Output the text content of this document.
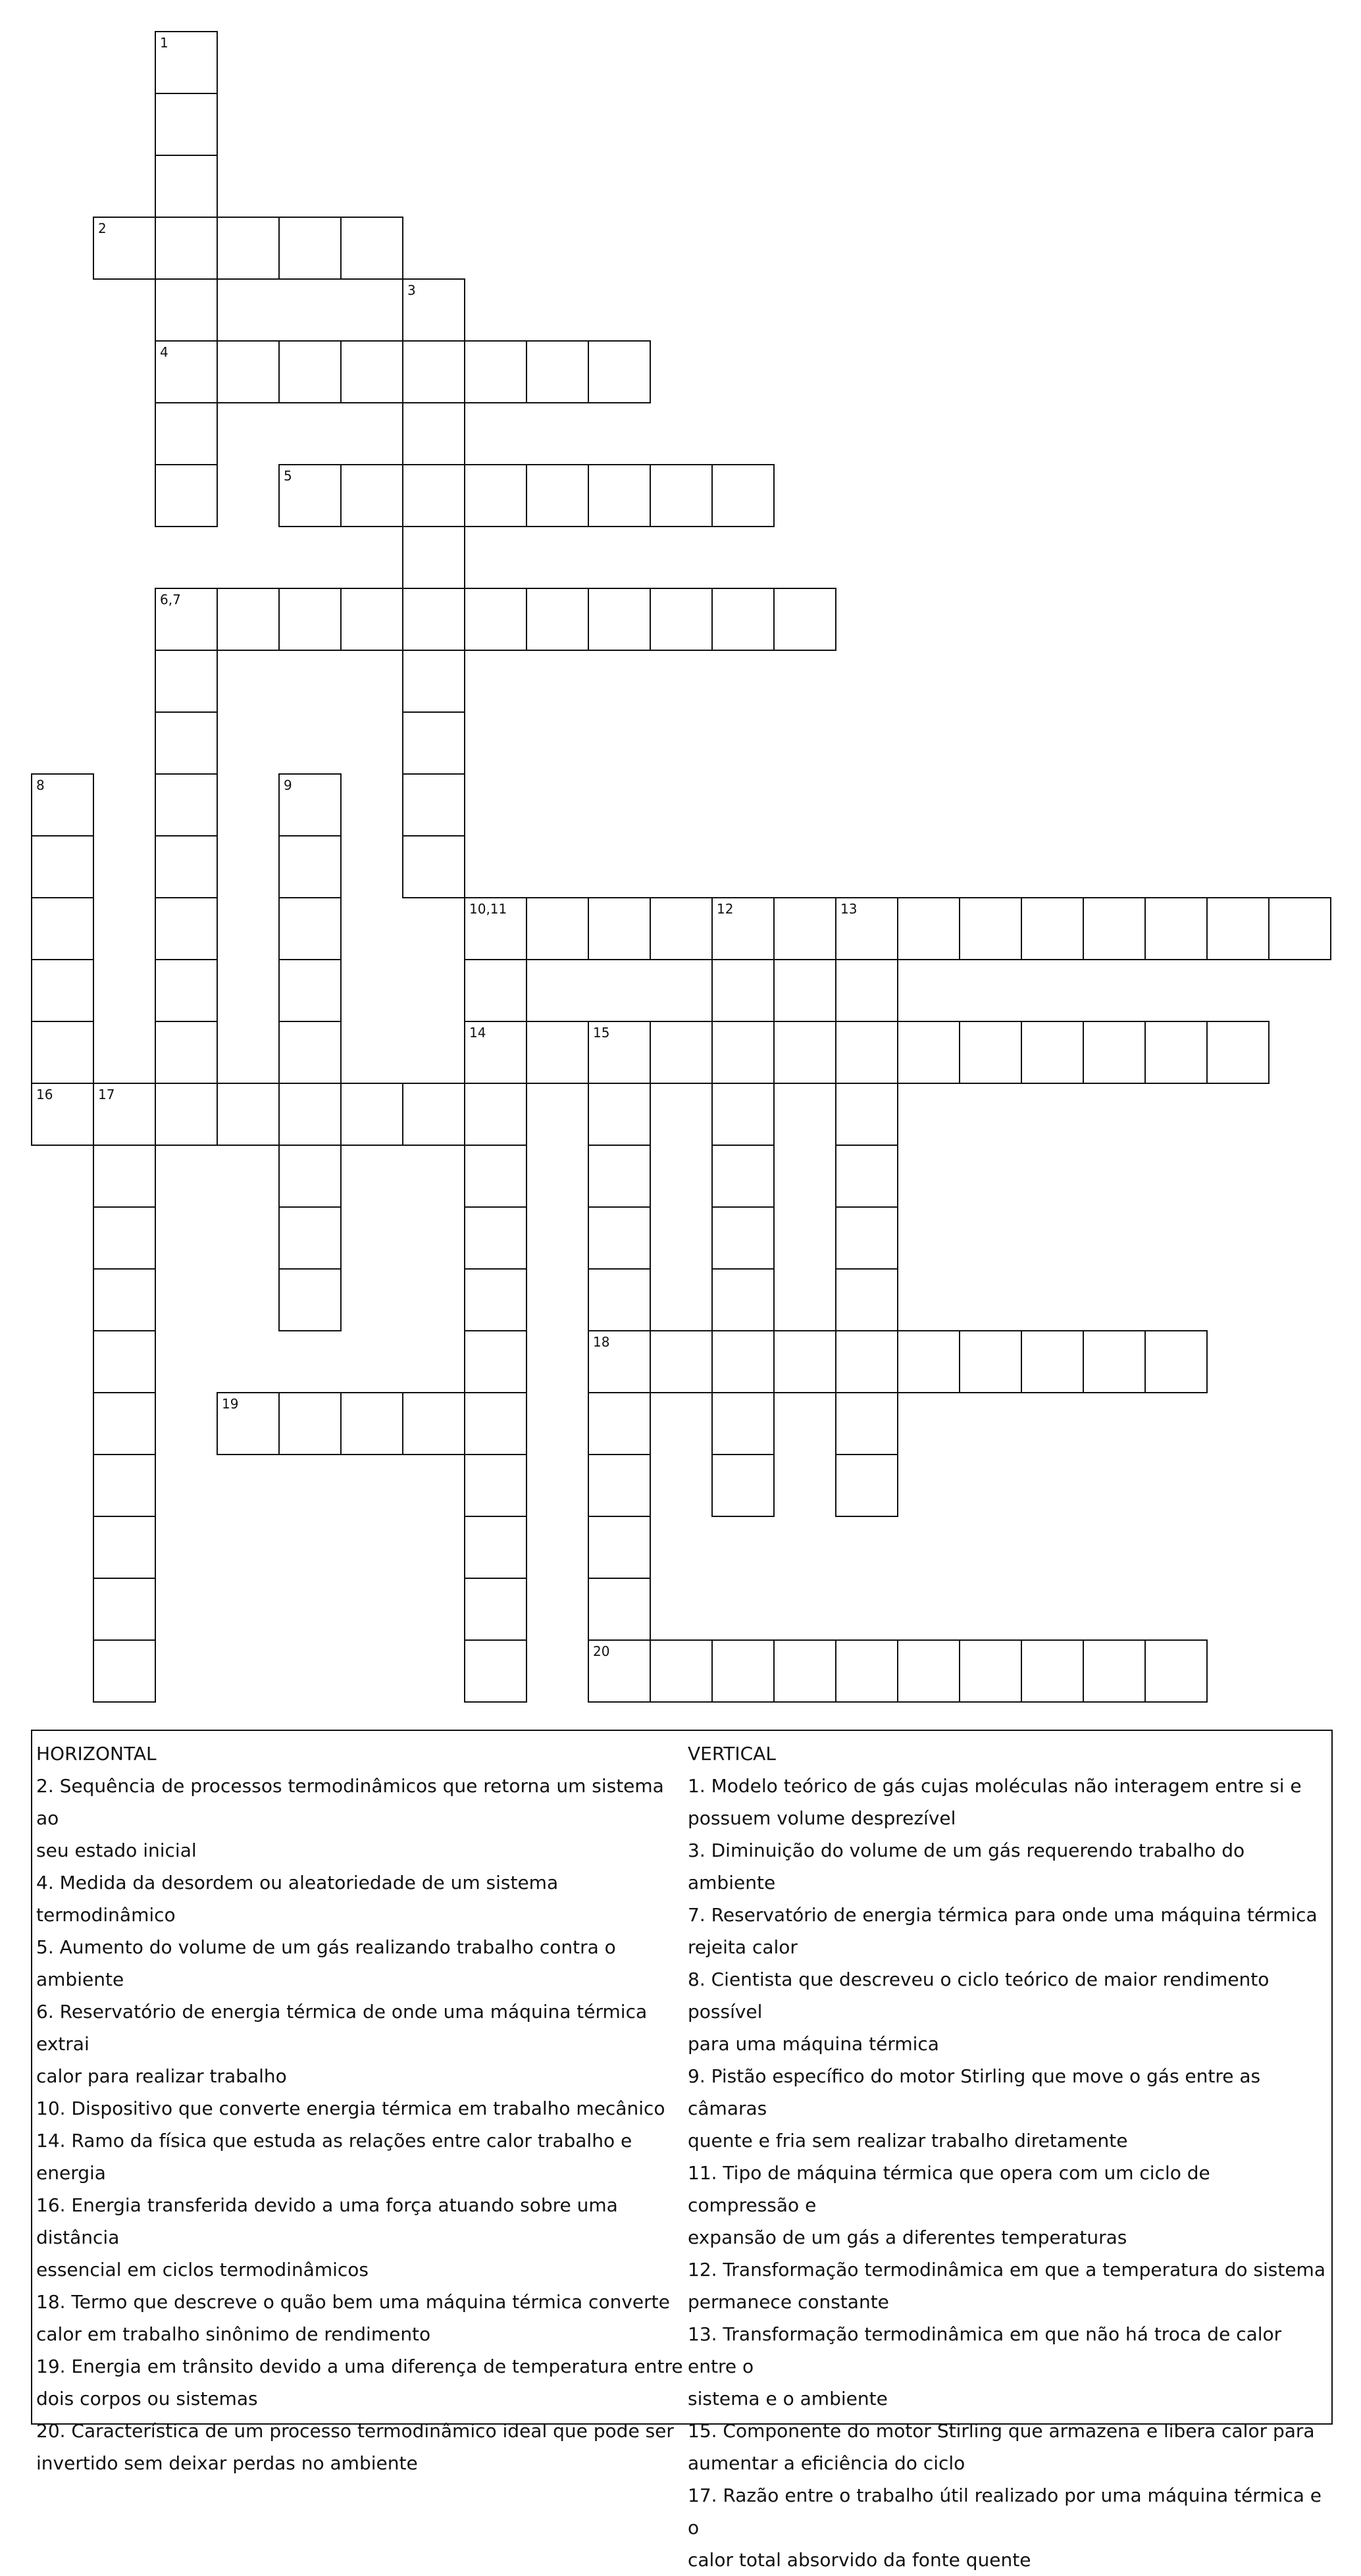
1
2
3
4
5
6,7
8	9
10,11	12	13
14	15
16	17
18
19
20
HORIZONTAL

2. Sequência de processos termodinâmicos que retorna um sistema ao

seu estado inicial

4. Medida da desordem ou aleatoriedade de um sistema termodinâmico

5. Aumento do volume de um gás realizando trabalho contra o ambiente

6. Reservatório de energia térmica de onde uma máquina térmica extrai

calor para realizar trabalho

10. Dispositivo que converte energia térmica em trabalho mecânico

14. Ramo da física que estuda as relações entre calor trabalho e energia

16. Energia transferida devido a uma força atuando sobre uma distância

essencial em ciclos termodinâmicos

18. Termo que descreve o quão bem uma máquina térmica converte

calor em trabalho sinônimo de rendimento

19. Energia em trânsito devido a uma diferença de temperatura entre

dois corpos ou sistemas

20. Característica de um processo termodinâmico ideal que pode ser

invertido sem deixar perdas no ambiente

VERTICAL

1. Modelo teórico de gás cujas moléculas não interagem entre si e

possuem volume desprezível

3. Diminuição do volume de um gás requerendo trabalho do ambiente

7. Reservatório de energia térmica para onde uma máquina térmica

rejeita calor

8. Cientista que descreveu o ciclo teórico de maior rendimento possível

para uma máquina térmica

9. Pistão específico do motor Stirling que move o gás entre as câmaras

quente e fria sem realizar trabalho diretamente

11. Tipo de máquina térmica que opera com um ciclo de compressão e

expansão de um gás a diferentes temperaturas

12. Transformação termodinâmica em que a temperatura do sistema

permanece constante

13. Transformação termodinâmica em que não há troca de calor entre o

sistema e o ambiente

15. Componente do motor Stirling que armazena e libera calor para

aumentar a eficiência do ciclo

17. Razão entre o trabalho útil realizado por uma máquina térmica e o

calor total absorvido da fonte quente
